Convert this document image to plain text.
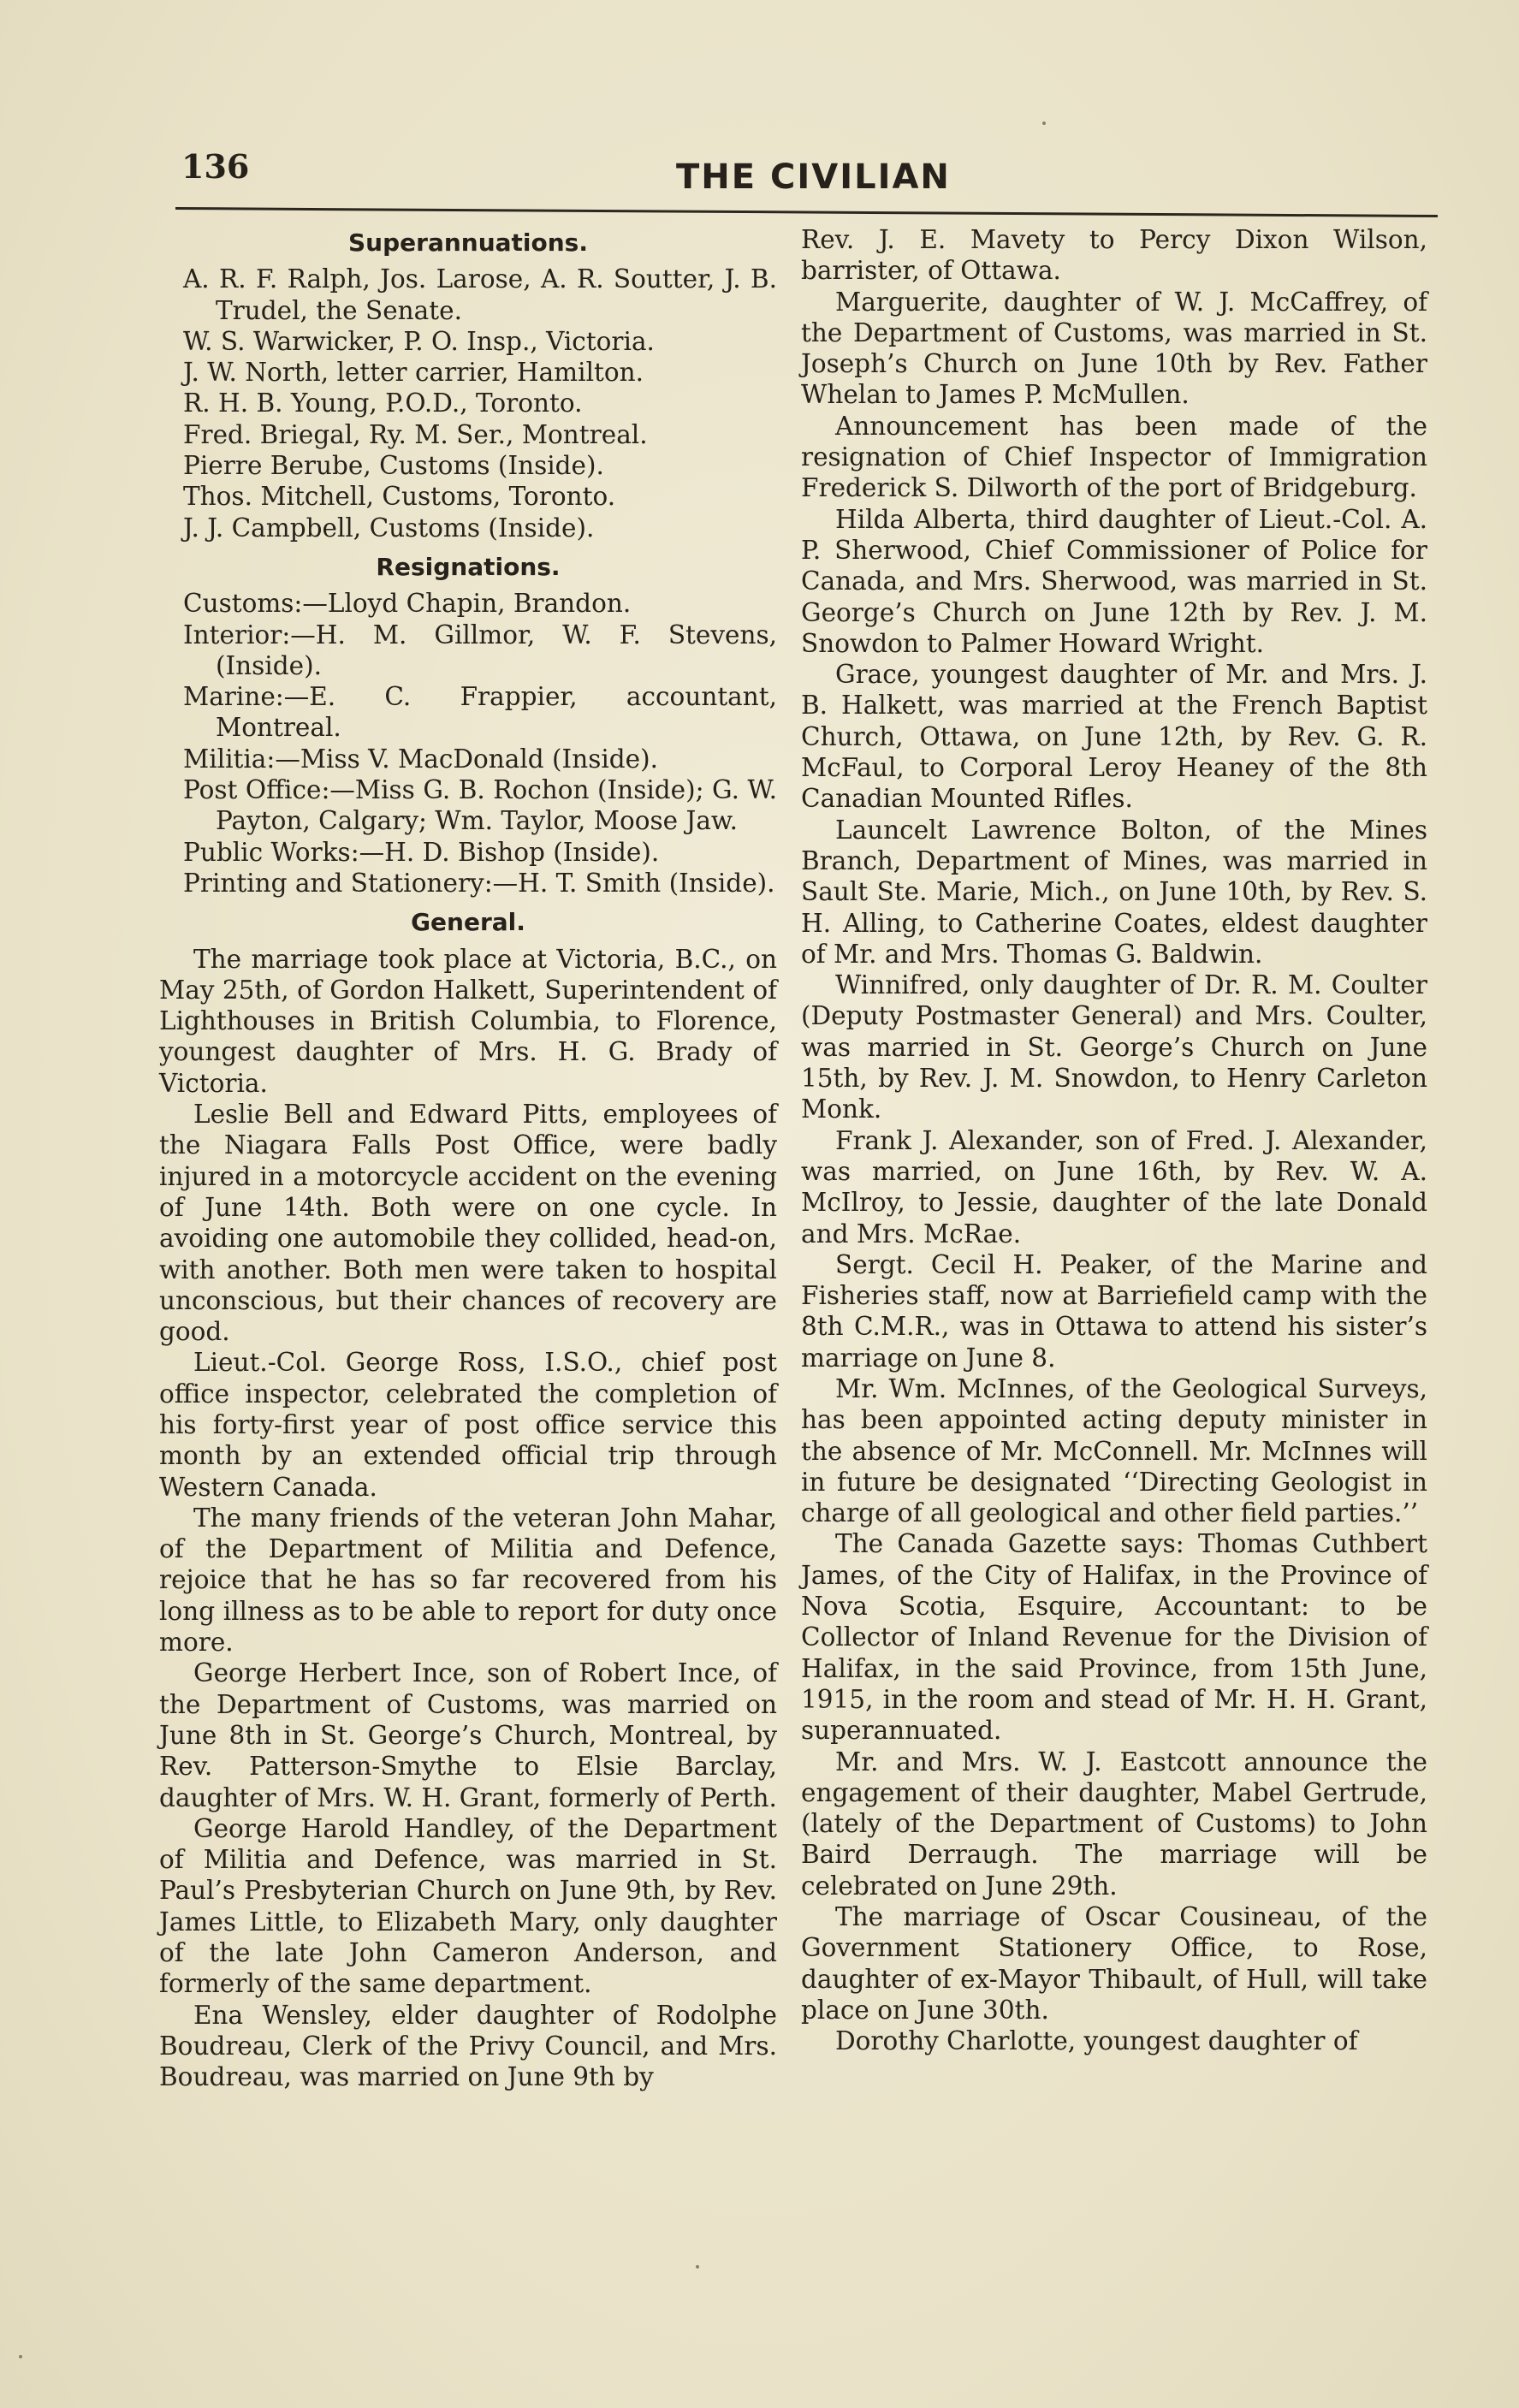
136	THE CIVILIAN
Superannuations.

A. R. F. Ralph, Jos. Larose, A. R. Soutter, J. B. Trudel, the Senate.

W. S. Warwicker, P. O. Insp., Victoria.

J. W. North, letter carrier, Hamilton.

R. H. B. Young, P.O.D., Toronto.

Fred. Briegal, Ry. M. Ser., Montreal.

Pierre Berube, Customs (Inside).

Thos. Mitchell, Customs, Toronto.

J. J. Campbell, Customs (Inside).

Resignations.

Customs:—Lloyd Chapin, Brandon.

Interior:—H. M. Gillmor, W. F. Stevens, (Inside).

Marine:—E. C. Frappier, accountant, Montreal.

Militia:—Miss V. MacDonald (Inside).

Post Office:—Miss G. B. Rochon (Inside); G. W. Payton, Calgary; Wm. Taylor, Moose Jaw.

Public Works:—H. D. Bishop (Inside).

Printing and Stationery:—H. T. Smith (Inside).

General.

The marriage took place at Victoria, B.C., on May 25th, of Gordon Halkett, Superintendent of Lighthouses in British Columbia, to Florence, youngest daughter of Mrs. H. G. Brady of Victoria.

Leslie Bell and Edward Pitts, employees of the Niagara Falls Post Office, were badly injured in a motorcycle accident on the evening of June 14th. Both were on one cycle. In avoiding one automobile they collided, head-on, with another. Both men were taken to hospital unconscious, but their chances of recovery are good.

Lieut.-Col. George Ross, I.S.O., chief post office inspector, celebrated the completion of his forty-first year of post office service this month by an extended official trip through Western Canada.

The many friends of the veteran John Mahar, of the Department of Militia and Defence, rejoice that he has so far recovered from his long illness as to be able to report for duty once more.

George Herbert Ince, son of Robert Ince, of the Department of Customs, was married on June 8th in St. George’s Church, Montreal, by Rev. Patterson-Smythe to Elsie Barclay, daughter of Mrs. W. H. Grant, formerly of Perth.

George Harold Handley, of the Department of Militia and Defence, was married in St. Paul’s Presbyterian Church on June 9th, by Rev. James Little, to Elizabeth Mary, only daughter of the late John Cameron Anderson, and formerly of the same department.

Ena Wensley, elder daughter of Rodolphe Boudreau, Clerk of the Privy Council, and Mrs. Boudreau, was married on June 9th by

Rev. J. E. Mavety to Percy Dixon Wilson, barrister, of Ottawa.

Marguerite, daughter of W. J. McCaffrey, of the Department of Customs, was married in St. Joseph’s Church on June 10th by Rev. Father Whelan to James P. McMullen.

Announcement has been made of the resignation of Chief Inspector of Immigration Frederick S. Dilworth of the port of Bridgeburg.

Hilda Alberta, third daughter of Lieut.-Col. A. P. Sherwood, Chief Commissioner of Police for Canada, and Mrs. Sherwood, was married in St. George’s Church on June 12th by Rev. J. M. Snowdon to Palmer Howard Wright.

Grace, youngest daughter of Mr. and Mrs. J. B. Halkett, was married at the French Baptist Church, Ottawa, on June 12th, by Rev. G. R. McFaul, to Corporal Leroy Heaney of the 8th Canadian Mounted Rifles.

Launcelt Lawrence Bolton, of the Mines Branch, Department of Mines, was married in Sault Ste. Marie, Mich., on June 10th, by Rev. S. H. Alling, to Catherine Coates, eldest daughter of Mr. and Mrs. Thomas G. Baldwin.

Winnifred, only daughter of Dr. R. M. Coulter (Deputy Postmaster General) and Mrs. Coulter, was married in St. George’s Church on June 15th, by Rev. J. M. Snowdon, to Henry Carleton Monk.

Frank J. Alexander, son of Fred. J. Alexander, was married, on June 16th, by Rev. W. A. McIlroy, to Jessie, daughter of the late Donald and Mrs. McRae.

Sergt. Cecil H. Peaker, of the Marine and Fisheries staff, now at Barriefield camp with the 8th C.M.R., was in Ottawa to attend his sister’s marriage on June 8.

Mr. Wm. McInnes, of the Geological Surveys, has been appointed acting deputy minister in the absence of Mr. McConnell. Mr. McInnes will in future be designated ‘‘Directing Geologist in charge of all geological and other field parties.’’

The Canada Gazette says: Thomas Cuthbert James, of the City of Halifax, in the Province of Nova Scotia, Esquire, Accountant: to be Collector of Inland Revenue for the Division of Halifax, in the said Province, from 15th June, 1915, in the room and stead of Mr. H. H. Grant, superannuated.

Mr. and Mrs. W. J. Eastcott announce the engagement of their daughter, Mabel Gertrude, (lately of the Department of Customs) to John Baird Derraugh. The marriage will be celebrated on June 29th.

The marriage of Oscar Cousineau, of the Government Stationery Office, to Rose, daughter of ex-Mayor Thibault, of Hull, will take place on June 30th.

Dorothy Charlotte, youngest daughter of
